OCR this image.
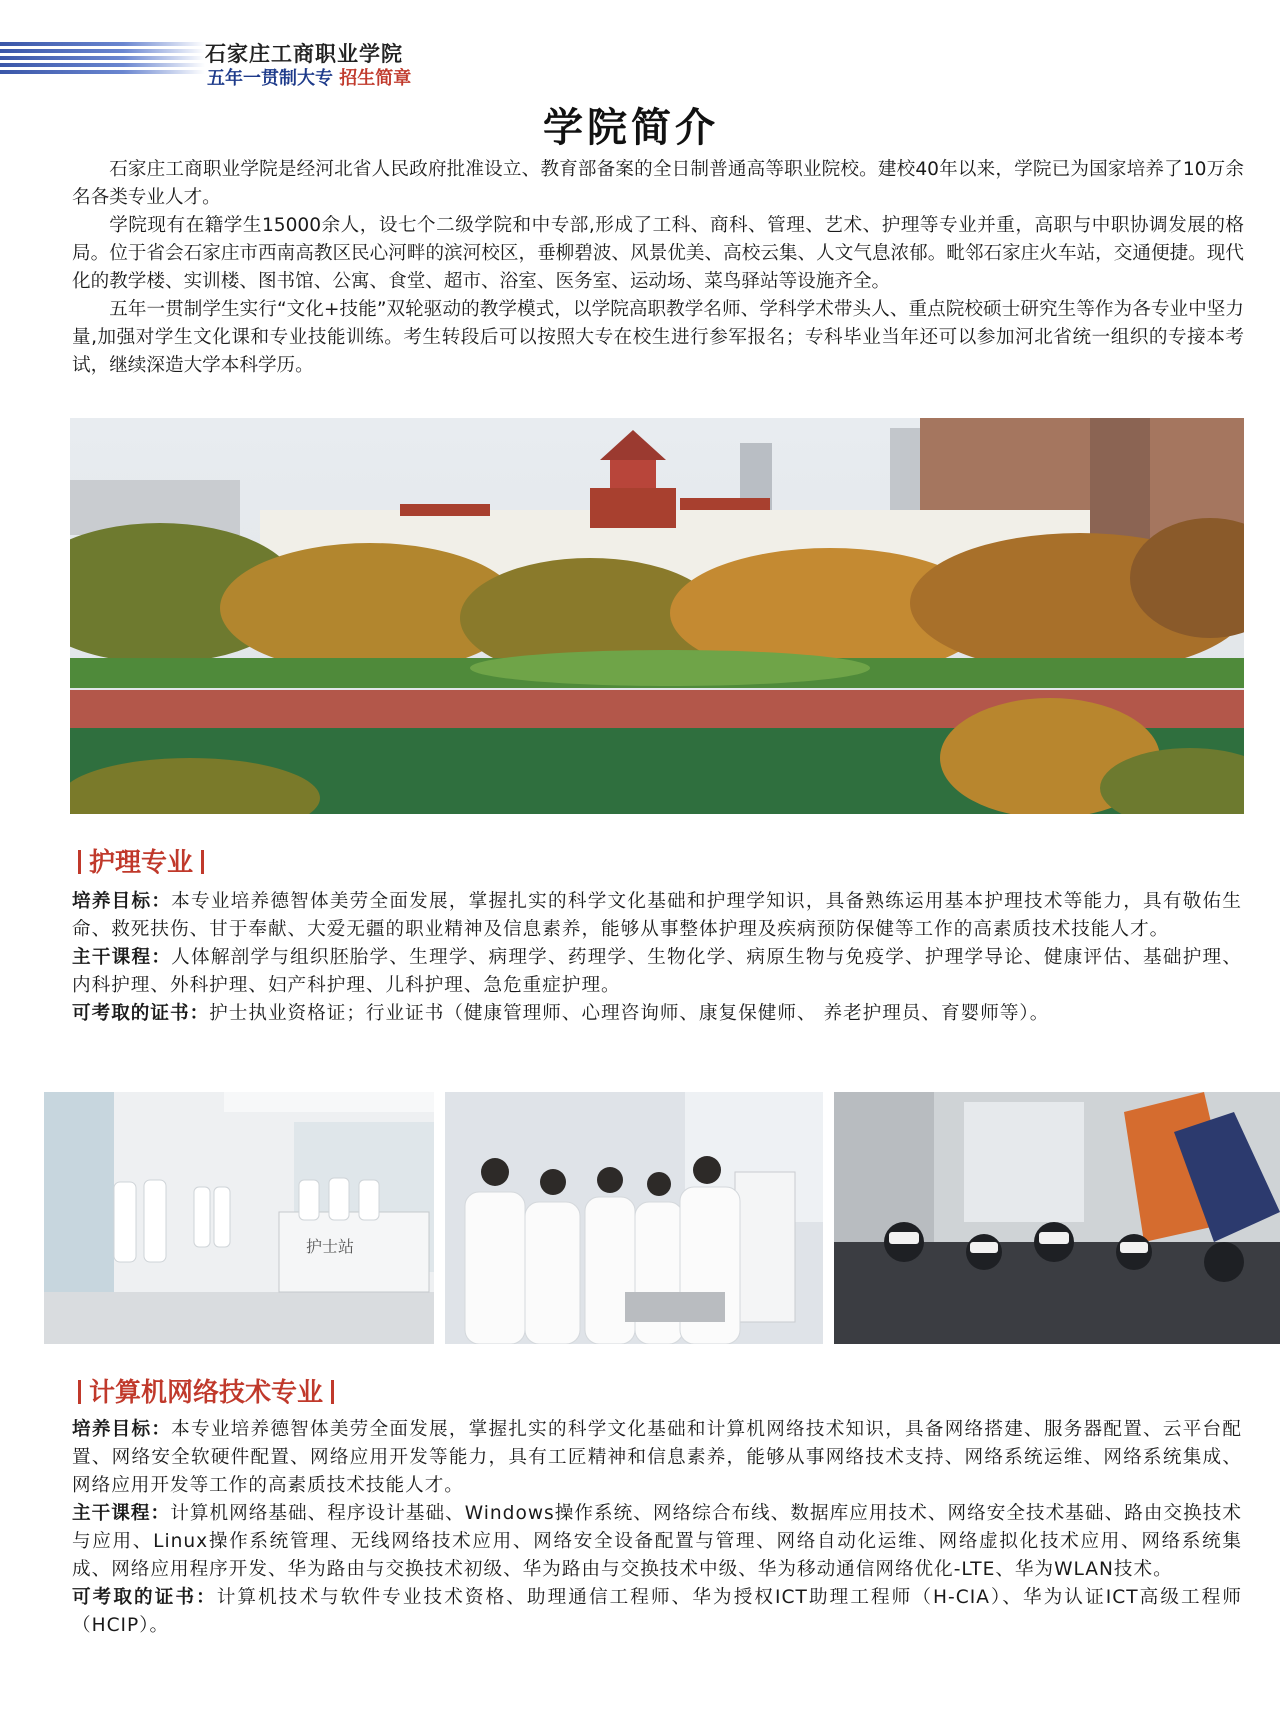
石家庄工商职业学院
五年一贯制大专 招生简章
学院简介

石家庄工商职业学院是经河北省人民政府批准设立、教育部备案的全日制普通高等职业院校。建校40年以来，学院已为国家培养了10万余名各类专业人才。

学院现有在籍学生15000余人，设七个二级学院和中专部,形成了工科、商科、管理、艺术、护理等专业并重，高职与中职协调发展的格局。位于省会石家庄市西南高教区民心河畔的滨河校区，垂柳碧波、风景优美、高校云集、人文气息浓郁。毗邻石家庄火车站，交通便捷。现代化的教学楼、实训楼、图书馆、公寓、食堂、超市、浴室、医务室、运动场、菜鸟驿站等设施齐全。

五年一贯制学生实行“文化+技能”双轮驱动的教学模式，以学院高职教学名师、学科学术带头人、重点院校硕士研究生等作为各专业中坚力量,加强对学生文化课和专业技能训练。考生转段后可以按照大专在校生进行参军报名；专科毕业当年还可以参加河北省统一组织的专接本考试，继续深造大学本科学历。

护理专业

培养目标：本专业培养德智体美劳全面发展，掌握扎实的科学文化基础和护理学知识，具备熟练运用基本护理技术等能力，具有敬佑生命、救死扶伤、甘于奉献、大爱无疆的职业精神及信息素养，能够从事整体护理及疾病预防保健等工作的高素质技术技能人才。

主干课程：人体解剖学与组织胚胎学、生理学、病理学、药理学、生物化学、病原生物与免疫学、护理学导论、健康评估、基础护理、内科护理、外科护理、妇产科护理、儿科护理、急危重症护理。

可考取的证书：护士执业资格证；行业证书（健康管理师、心理咨询师、康复保健师、 养老护理员、育婴师等）。

护士站
计算机网络技术专业

培养目标：本专业培养德智体美劳全面发展，掌握扎实的科学文化基础和计算机网络技术知识，具备网络搭建、服务器配置、云平台配置、网络安全软硬件配置、网络应用开发等能力，具有工匠精神和信息素养，能够从事网络技术支持、网络系统运维、网络系统集成、网络应用开发等工作的高素质技术技能人才。

主干课程：计算机网络基础、程序设计基础、Windows操作系统、网络综合布线、数据库应用技术、网络安全技术基础、路由交换技术与应用、Linux操作系统管理、无线网络技术应用、网络安全设备配置与管理、网络自动化运维、网络虚拟化技术应用、网络系统集成、网络应用程序开发、华为路由与交换技术初级、华为路由与交换技术中级、华为移动通信网络优化-LTE、华为WLAN技术。

可考取的证书：计算机技术与软件专业技术资格、助理通信工程师、华为授权ICT助理工程师（H-CIA）、华为认证ICT高级工程师（HCIP）。
